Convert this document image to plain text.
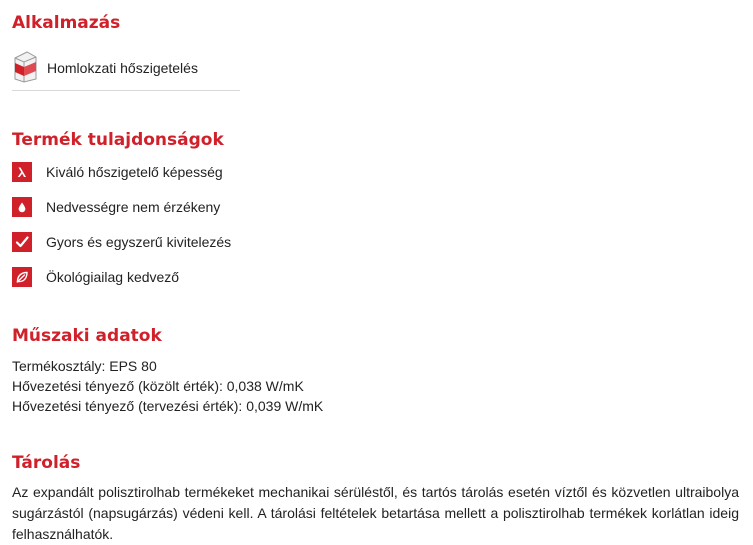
Alkalmazás
Homlokzati hőszigetelés
Termék tulajdonságok
Kiváló hőszigetelő képesség
Nedvességre nem érzékeny
Gyors és egyszerű kivitelezés
Ökológiailag kedvező
Műszaki adatok
Termékosztály: EPS 80
Hővezetési tényező (közölt érték): 0,038 W/mK
Hővezetési tényező (tervezési érték): 0,039 W/mK
Tárolás

Az expandált polisztirolhab termékeket mechanikai sérüléstől, és tartós tárolás esetén víztől és közvetlen ultraibolya sugárzástól (napsugárzás) védeni kell. A tárolási feltételek betartása mellett a polisztirolhab termékek korlátlan ideig felhasználhatók.
